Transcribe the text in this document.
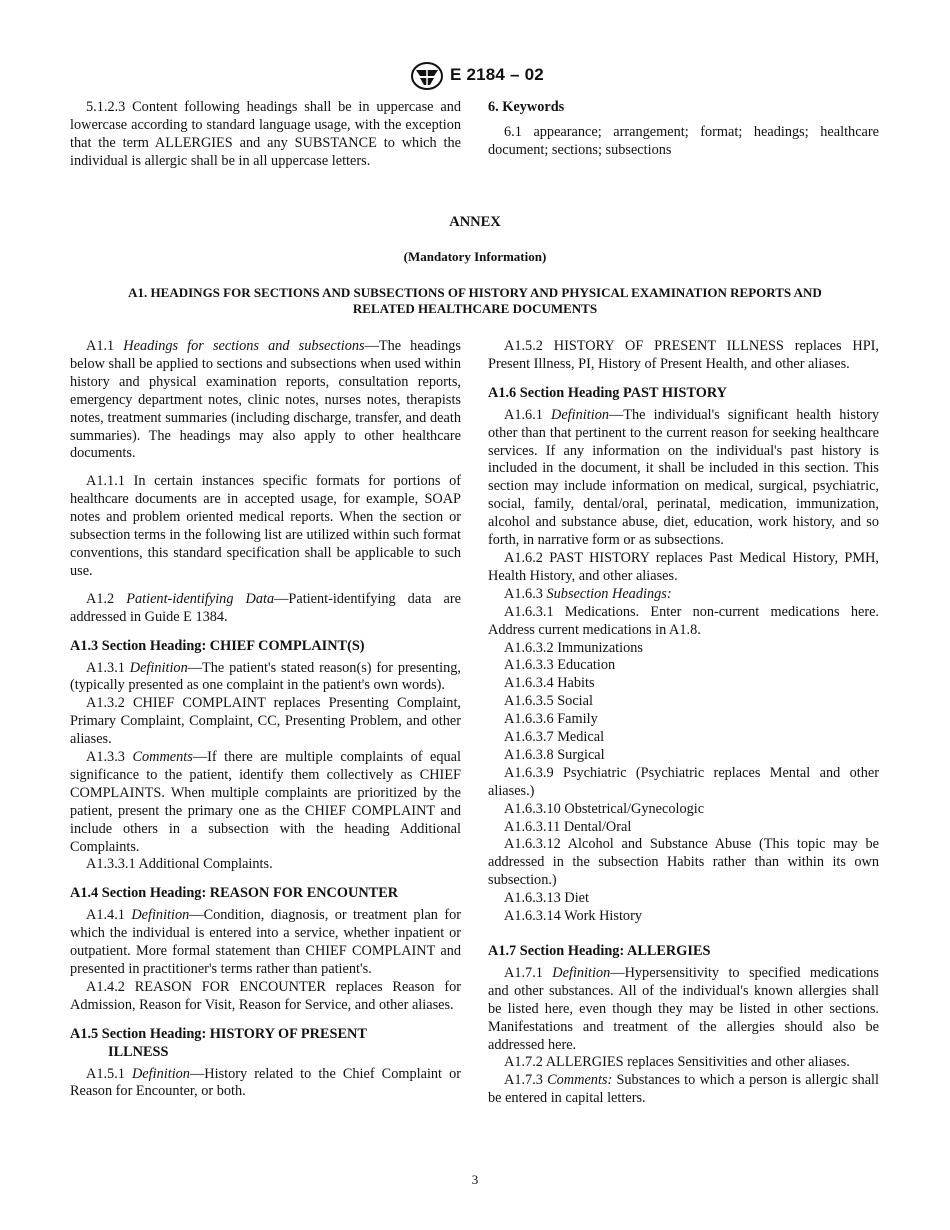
E 2184 – 02

5.1.2.3 Content following headings shall be in uppercase and lowercase according to standard language usage, with the exception that the term ALLERGIES and any SUBSTANCE to which the individual is allergic shall be in all uppercase letters.

6. Keywords

6.1 appearance; arrangement; format; headings; healthcare document; sections; subsections

ANNEX
(Mandatory Information)
A1. HEADINGS FOR SECTIONS AND SUBSECTIONS OF HISTORY AND PHYSICAL EXAMINATION REPORTS AND
RELATED HEALTHCARE DOCUMENTS

A1.1 Headings for sections and subsections—The headings below shall be applied to sections and subsections when used within history and physical examination reports, consultation reports, emergency department notes, clinic notes, nurses notes, therapists notes, treatment summaries (including discharge, transfer, and death summaries). The headings may also apply to other healthcare documents.

A1.1.1 In certain instances specific formats for portions of healthcare documents are in accepted usage, for example, SOAP notes and problem oriented medical reports. When the section or subsection terms in the following list are utilized within such format conventions, this standard specification shall be applicable to such use.

A1.2 Patient-identifying Data—Patient-identifying data are addressed in Guide E 1384.

A1.3 Section Heading: CHIEF COMPLAINT(S)

A1.3.1 Definition—The patient's stated reason(s) for presenting, (typically presented as one complaint in the patient's own words).

A1.3.2 CHIEF COMPLAINT replaces Presenting Complaint, Primary Complaint, Complaint, CC, Presenting Problem, and other aliases.

A1.3.3 Comments—If there are multiple complaints of equal significance to the patient, identify them collectively as CHIEF COMPLAINTS. When multiple complaints are prioritized by the patient, present the primary one as the CHIEF COMPLAINT and include others in a subsection with the heading Additional Complaints.

A1.3.3.1 Additional Complaints.

A1.4 Section Heading: REASON FOR ENCOUNTER

A1.4.1 Definition—Condition, diagnosis, or treatment plan for which the individual is entered into a service, whether inpatient or outpatient. More formal statement than CHIEF COMPLAINT and presented in practitioner's terms rather than patient's.

A1.4.2 REASON FOR ENCOUNTER replaces Reason for Admission, Reason for Visit, Reason for Service, and other aliases.

A1.5 Section Heading: HISTORY OF PRESENT
ILLNESS

A1.5.1 Definition—History related to the Chief Complaint or Reason for Encounter, or both.

A1.5.2 HISTORY OF PRESENT ILLNESS replaces HPI, Present Illness, PI, History of Present Health, and other aliases.

A1.6 Section Heading PAST HISTORY

A1.6.1 Definition—The individual's significant health history other than that pertinent to the current reason for seeking healthcare services. If any information on the individual's past history is included in the document, it shall be included in this section. This section may include information on medical, surgical, psychiatric, social, family, dental/oral, perinatal, medication, immunization, alcohol and substance abuse, diet, education, work history, and so forth, in narrative form or as subsections.

A1.6.2 PAST HISTORY replaces Past Medical History, PMH, Health History, and other aliases.

A1.6.3 Subsection Headings:

A1.6.3.1 Medications. Enter non-current medications here. Address current medications in A1.8.

A1.6.3.2 Immunizations

A1.6.3.3 Education

A1.6.3.4 Habits

A1.6.3.5 Social

A1.6.3.6 Family

A1.6.3.7 Medical

A1.6.3.8 Surgical

A1.6.3.9 Psychiatric (Psychiatric replaces Mental and other aliases.)

A1.6.3.10 Obstetrical/Gynecologic

A1.6.3.11 Dental/Oral

A1.6.3.12 Alcohol and Substance Abuse (This topic may be addressed in the subsection Habits rather than within its own subsection.)

A1.6.3.13 Diet

A1.6.3.14 Work History

A1.7 Section Heading: ALLERGIES

A1.7.1 Definition—Hypersensitivity to specified medications and other substances. All of the individual's known allergies shall be listed here, even though they may be listed in other sections. Manifestations and treatment of the allergies should also be addressed here.

A1.7.2 ALLERGIES replaces Sensitivities and other aliases.

A1.7.3 Comments: Substances to which a person is allergic shall be entered in capital letters.

3
